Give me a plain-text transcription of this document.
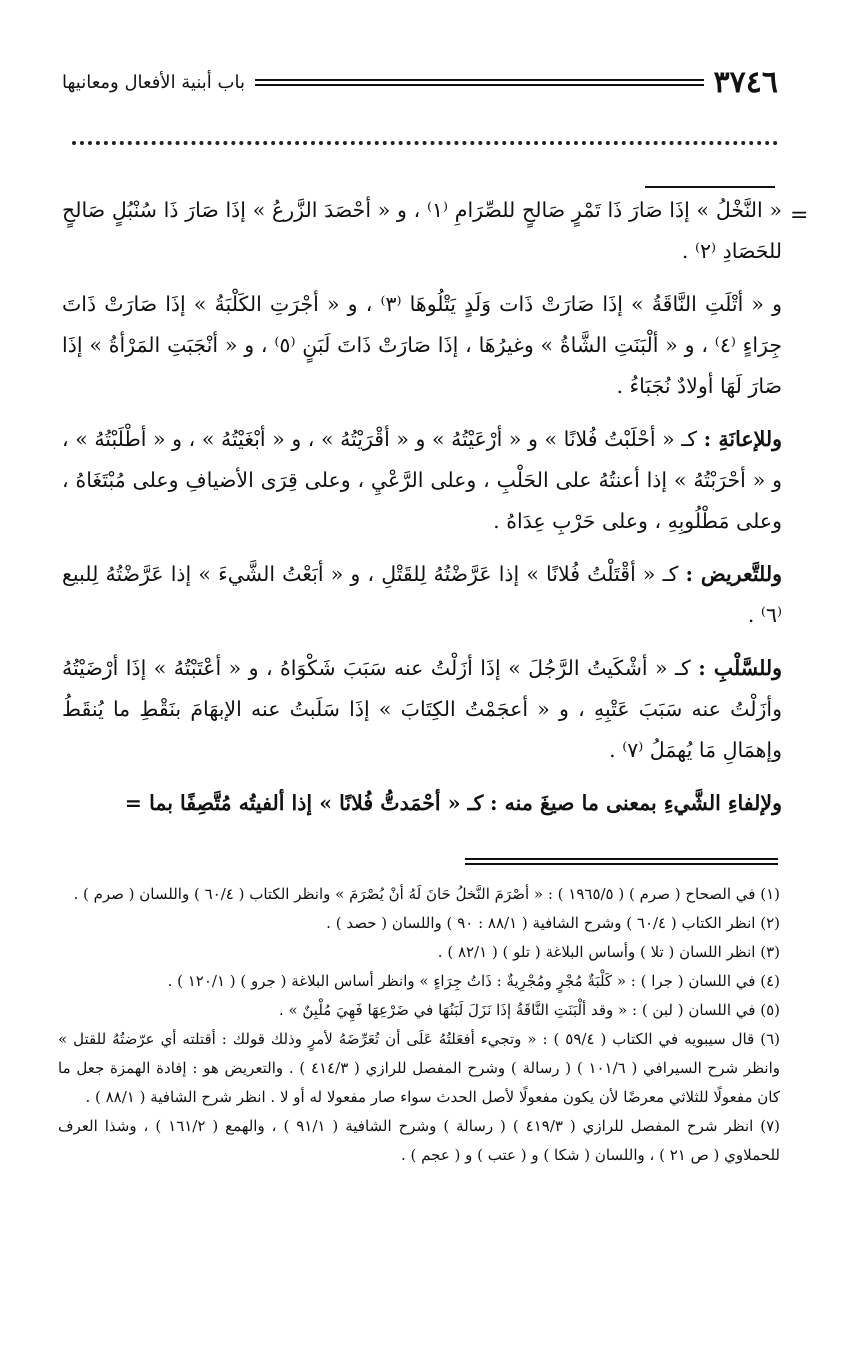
٣٧٤٦
باب أبنية الأفعال ومعانيها
=

« النَّخْلُ » إذَا صَارَ ذَا تَمْرٍ صَالحٍ للصِّرَامِ ⁽١⁾ ، و « أحْصَدَ الزَّرعُ » إذَا صَارَ ذَا سُنْبُلٍ صَالحٍ للحَصَادِ ⁽٢⁾ .

و « أتْلَتِ النَّاقَةُ » إذَا صَارَتْ ذَات وَلَدٍ يَتْلُوهَا ⁽٣⁾ ، و « أجْرَتِ الكَلْبَةُ » إذَا صَارَتْ ذَاتَ جِرَاءٍ ⁽٤⁾ ، و « ألْبَنَتِ الشَّاةُ » وغيرُهَا ، إذَا صَارَتْ ذَاتَ لَبَنٍ ⁽٥⁾ ، و « أنْجَبَتِ المَرْأةُ » إذَا صَارَ لَهَا أولادٌ نُجَبَاءُ .

وللإعانَةِ : كـ « أحْلَبْتُ فُلانًا » و « أرْعَيْتُهُ » و « أقْرَيْتُهُ » ، و « أبْغَيْتُهُ » ، و « أطْلَبْتُهُ » ، و « أحْرَبْتُهُ » إذا أعنتُهُ على الحَلْبِ ، وعلى الرَّعْيِ ، وعلى قِرَى الأضيافِ وعلى مُبْتَغَاهُ ، وعلى مَطْلُوبِهِ ، وعلى حَرْبِ عِدَاهُ .

وللتَّعريض : كـ « أقْتَلْتُ فُلانًا » إذا عَرَّضْتُهُ لِلقَتْلِ ، و « أبَعْتُ الشَّيءَ » إذا عَرَّضْتُهُ لِلبيع ⁽٦⁾ .

وللسَّلْبِ : كـ « أشْكَيتُ الرَّجُلَ » إذَا أزَلْتُ عنه سَبَبَ شَكْوَاهُ ، و « أعْتَبْتُهُ » إذَا أرْضَيْتُهُ وأزَلْتُ عنه سَبَبَ عَتْبِهِ ، و « أعجَمْتُ الكِتَابَ » إذَا سَلَبتُ عنه الإبهَامَ بنَقْطِ ما يُنقَطُ وإهمَالِ مَا يُهمَلُ ⁽٧⁾ .

ولإلفاءِ الشَّيءِ بمعنى ما صيغَ منه : كـ « أحْمَدتُّ فُلانًا » إذا ألفيتُه مُتَّصِفًا بما =

(١) في الصحاح ( صرم ) ( ١٩٦٥/٥ ) : « أصْرَمَ النَّخلُ حَانَ لَهُ أنْ يُصْرَمَ » وانظر الكتاب ( ٦٠/٤ ) واللسان ( صرم ) .

(٢) انظر الكتاب ( ٦٠/٤ ) وشرح الشافية ( ٨٨/١ : ٩٠ ) واللسان ( حصد ) .

(٣) انظر اللسان ( تلا ) وأساس البلاغة ( تلو ) ( ٨٢/١ ) .

(٤) في اللسان ( جرا ) : « كَلْبَةٌ مُجْرٍ ومُجْرِيةٌ : ذَاتُ جِرَاءٍ » وانظر أساس البلاغة ( جرو ) ( ١٢٠/١ ) .

(٥) في اللسان ( لبن ) : « وقد ألْبَنَتِ النَّاقَةُ إذَا نَزَلَ لَبَنُهَا في ضَرْعِهَا فَهِيَ مُلْبِنٌ » .

(٦) قال سيبويه في الكتاب ( ٥٩/٤ ) : « وتجيء أفعَلتُهُ عَلَى أن تُعَرِّضَهُ لأمرٍ وذلك قولك : أقتلته أي عرّضتُهُ للقتل » وانظر شرح السيرافي ( ١٠١/٦ ) ( رسالة ) وشرح المفصل للرازي ( ٤١٤/٣ ) . والتعريض هو : إفادة الهمزة جعل ما كان مفعولًا للثلاثي معرضًا لأن يكون مفعولًا لأصل الحدث سواء صار مفعولا له أو لا . انظر شرح الشافية ( ٨٨/١ ) .

(٧) انظر شرح المفصل للرازي ( ٤١٩/٣ ) ( رسالة ) وشرح الشافية ( ٩١/١ ) ، والهمع ( ١٦١/٢ ) ، وشذا العرف للحملاوي ( ص ٢١ ) ، واللسان ( شكا ) و ( عتب ) و ( عجم ) .
